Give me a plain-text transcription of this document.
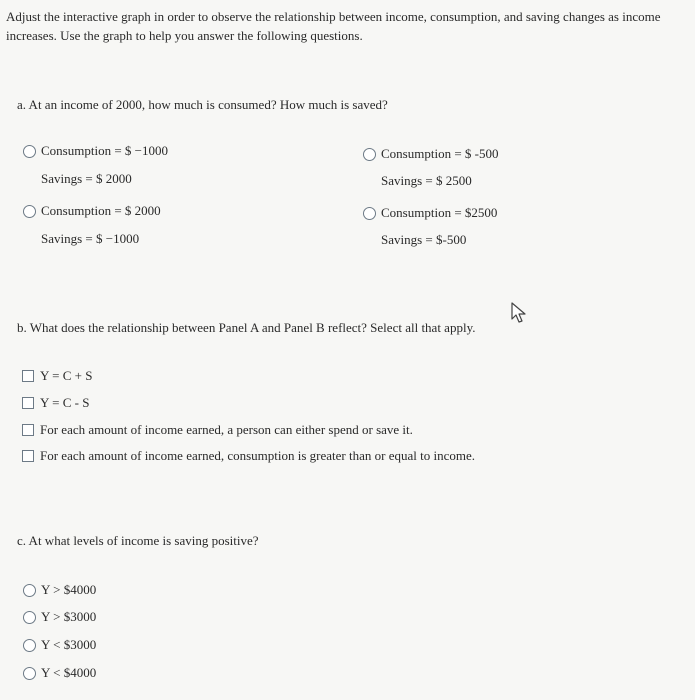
Adjust the interactive graph in order to observe the relationship between income, consumption, and saving changes as income increases. Use the graph to help you answer the following questions.
a. At an income of 2000, how much is consumed? How much is saved?
Consumption = $ −1000
Savings = $ 2000
Consumption = $ -500
Savings = $ 2500
Consumption = $ 2000
Savings = $ −1000
Consumption = $2500
Savings = $-500
b. What does the relationship between Panel A and Panel B reflect? Select all that apply.
Y = C + S
Y = C - S
For each amount of income earned, a person can either spend or save it.
For each amount of income earned, consumption is greater than or equal to income.
c. At what levels of income is saving positive?
Y > $4000
Y > $3000
Y < $3000
Y < $4000
